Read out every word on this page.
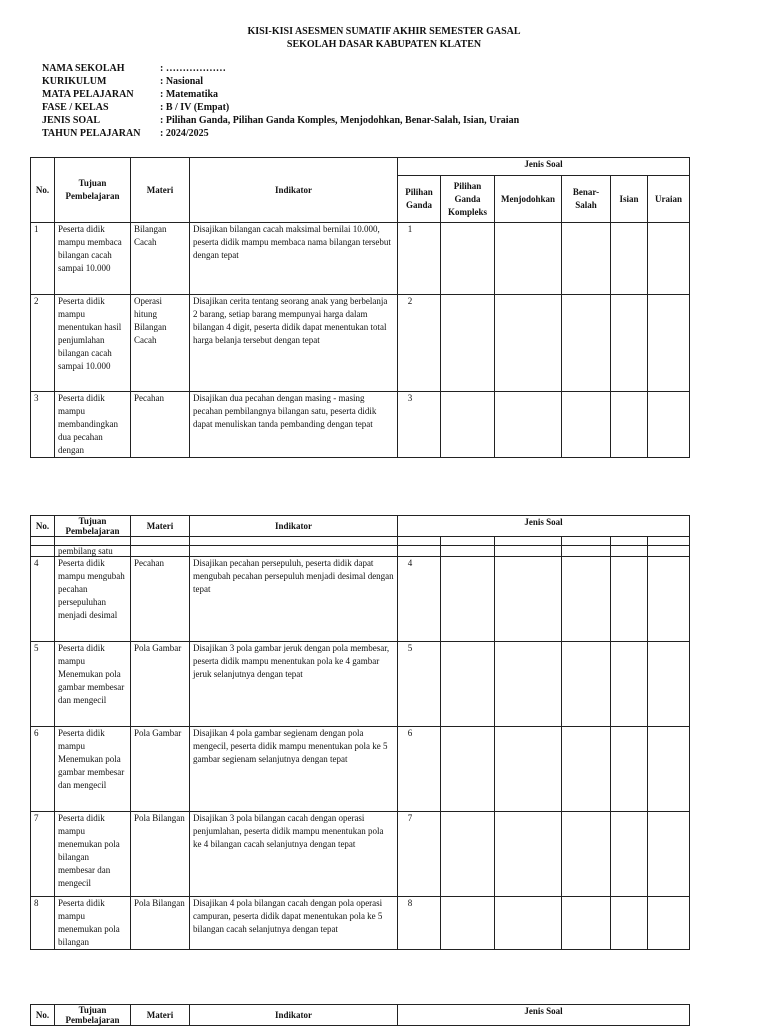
KISI-KISI ASESMEN SUMATIF AKHIR SEMESTER GASAL
SEKOLAH DASAR KABUPATEN KLATEN
NAMA SEKOLAH	: ………………
KURIKULUM	: Nasional
MATA PELAJARAN	: Matematika
FASE / KELAS	: B / IV (Empat)
JENIS SOAL	: Pilihan Ganda, Pilihan Ganda Komples, Menjodohkan, Benar-Salah, Isian, Uraian
TAHUN PELAJARAN	: 2024/2025
No.	Tujuan Pembelajaran	Materi	Indikator	Jenis Soal					
				Pilihan Ganda	Pilihan Ganda Kompleks	Menjodohkan	Benar-Salah	Isian	Uraian
1	Peserta didik mampu membaca bilangan cacah sampai 10.000	Bilangan Cacah	Disajikan bilangan cacah maksimal bernilai 10.000, peserta didik mampu membaca nama bilangan tersebut dengan tepat	1					
2	Peserta didik mampu menentukan hasil penjumlahan bilangan cacah sampai 10.000	Operasi hitung Bilangan Cacah	Disajikan cerita tentang seorang anak yang berbelanja 2 barang, setiap barang mempunyai harga dalam bilangan 4 digit, peserta didik dapat menentukan total harga belanja tersebut dengan tepat	2					
3	Peserta didik mampu membandingkan dua pecahan dengan	Pecahan	Disajikan dua pecahan dengan masing - masing pecahan pembilangnya bilangan satu, peserta didik dapat menuliskan tanda pembanding dengan tepat	3					
No.	Tujuan Pembelajaran	Materi	Indikator	Jenis Soal					

	pembilang satu								
4	Peserta didik mampu mengubah pecahan persepuluhan menjadi desimal	Pecahan	Disajikan pecahan persepuluh, peserta didik dapat mengubah pecahan persepuluh menjadi desimal dengan tepat	4					
5	Peserta didik mampu Menemukan pola gambar membesar dan mengecil	Pola Gambar	Disajikan 3 pola gambar jeruk dengan pola membesar, peserta didik mampu menentukan pola ke 4 gambar jeruk selanjutnya dengan tepat	5					
6	Peserta didik mampu Menemukan pola gambar membesar dan mengecil	Pola Gambar	Disajikan 4 pola gambar segienam dengan pola mengecil, peserta didik mampu menentukan pola ke 5 gambar segienam selanjutnya dengan tepat	6					
7	Peserta didik mampu menemukan pola bilangan membesar dan mengecil	Pola Bilangan	Disajikan 3 pola bilangan cacah dengan operasi penjumlahan, peserta didik mampu menentukan pola ke 4 bilangan cacah selanjutnya dengan tepat	7					
8	Peserta didik mampu menemukan pola bilangan	Pola Bilangan	Disajikan 4 pola bilangan cacah dengan pola operasi campuran, peserta didik dapat menentukan pola ke 5 bilangan cacah selanjutnya dengan tepat	8					
No.	Tujuan Pembelajaran	Materi	Indikator	Jenis Soal
